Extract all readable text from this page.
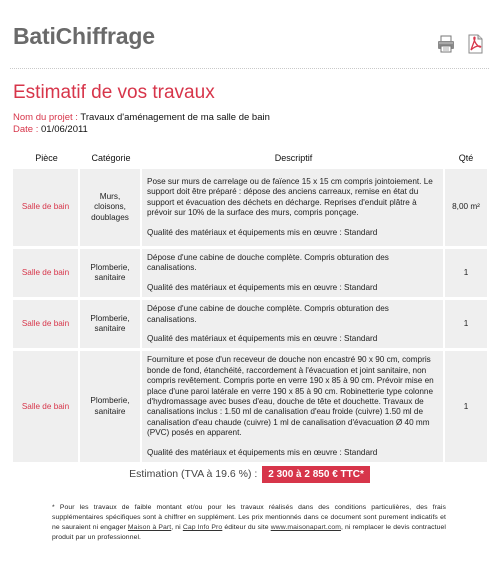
BatiChiffrage
Estimatif de vos travaux
Nom du projet : Travaux d'aménagement de ma salle de bain
Date : 01/06/2011
Pièce	Catégorie	Descriptif	Qté
Salle de bain	Murs, cloisons, doublages	Pose sur murs de carrelage ou de faïence 15 x 15 cm compris jointoiement. Le support doit être préparé : dépose des anciens carreaux, remise en état du support et évacuation des déchets en décharge. Reprises d'enduit plâtre à prévoir sur 10% de la surface des murs, compris ponçage.
Qualité des matériaux et équipements mis en œuvre : Standard	8,00 m²
Salle de bain	Plomberie, sanitaire	Dépose d'une cabine de douche complète. Compris obturation des canalisations.
Qualité des matériaux et équipements mis en œuvre : Standard	1
Salle de bain	Plomberie, sanitaire	Dépose d'une cabine de douche complète. Compris obturation des canalisations.
Qualité des matériaux et équipements mis en œuvre : Standard	1
Salle de bain	Plomberie, sanitaire	Fourniture et pose d'un receveur de douche non encastré 90 x 90 cm, compris bonde de fond, étanchéité, raccordement à l'évacuation et joint sanitaire, non compris revêtement. Compris porte en verre 190 x 85 à 90 cm. Prévoir mise en place d'une paroi latérale en verre 190 x 85 à 90 cm. Robinetterie type colonne d'hydromassage avec buses d'eau, douche de tête et douchette. Travaux de canalisations inclus : 1.50 ml de canalisation d'eau froide (cuivre) 1.50 ml de canalisation d'eau chaude (cuivre) 1 ml de canalisation d'évacuation Ø 40 mm (PVC) posés en apparent.
Qualité des matériaux et équipements mis en œuvre : Standard	1
Estimation (TVA à 19.6 %) : 2 300 à 2 850 € TTC*

* Pour les travaux de faible montant et/ou pour les travaux réalisés dans des conditions particulières, des frais supplémentaires spécifiques sont à chiffrer en supplément. Les prix mentionnés dans ce document sont purement indicatifs et ne sauraient ni engager Maison à Part, ni Cap Info Pro éditeur du site www.maisonapart.com, ni remplacer le devis contractuel produit par un professionnel.
